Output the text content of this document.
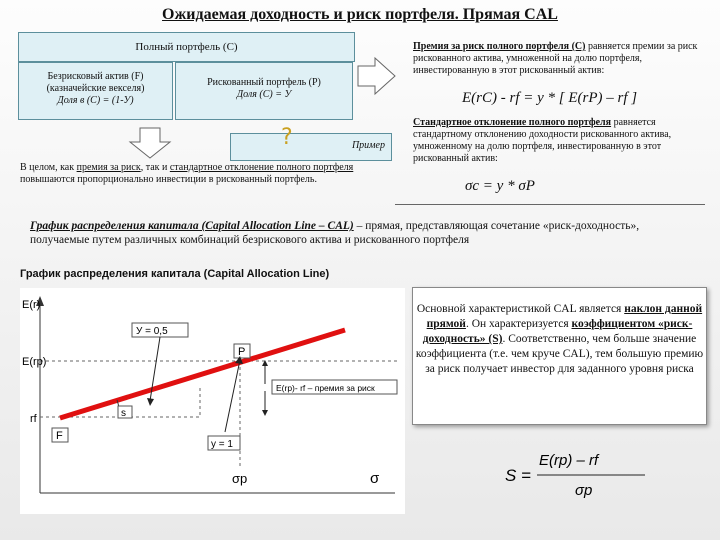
Ожидаемая доходность и риск портфеля. Прямая CAL
Полный портфель (С)
Безрисковый актив (F)
(казначейские векселя)
Доля в (С) = (1-У)
Рискованный портфель (Р)
Доля (С) = У
?	Пример
В целом, как премия за риск, так и стандартное отклонение полного портфеля повышаются пропорционально инвестиции в рискованный портфель.
Премия за риск полного портфеля (С) равняется премии за риск рискованного актива, умноженной на долю портфеля, инвестированную в этот рискованный актив:
E(rC) - rf = y * [ E(rP) – rf ]
Стандартное отклонение полного портфеля равняется стандартному отклонению доходности рискованного актива, умноженному на долю портфеля, инвестированную в этот рискованный актив:
σc = y * σP
График распределения капитала (Capital Allocation Line – CAL) – прямая, представляющая сочетание «риск-доходность», получаемые путем различных комбинаций безрискового актива и рискованного портфеля
График распределения капитала (Capital Allocation Line)
E(r)
σ
E(rp)
rf
У = 0,5
P
s
E(rp)- rf – премия за риск
F
y = 1
σp
Основной характеристикой CAL является наклон данной прямой. Он характеризуется коэффициентом «риск-доходность» (S). Соответственно, чем больше значение коэффициента (т.е. чем круче CAL), тем большую премию за риск получает инвестор для заданного уровня риска
S =
E(rp) – rf
σp
